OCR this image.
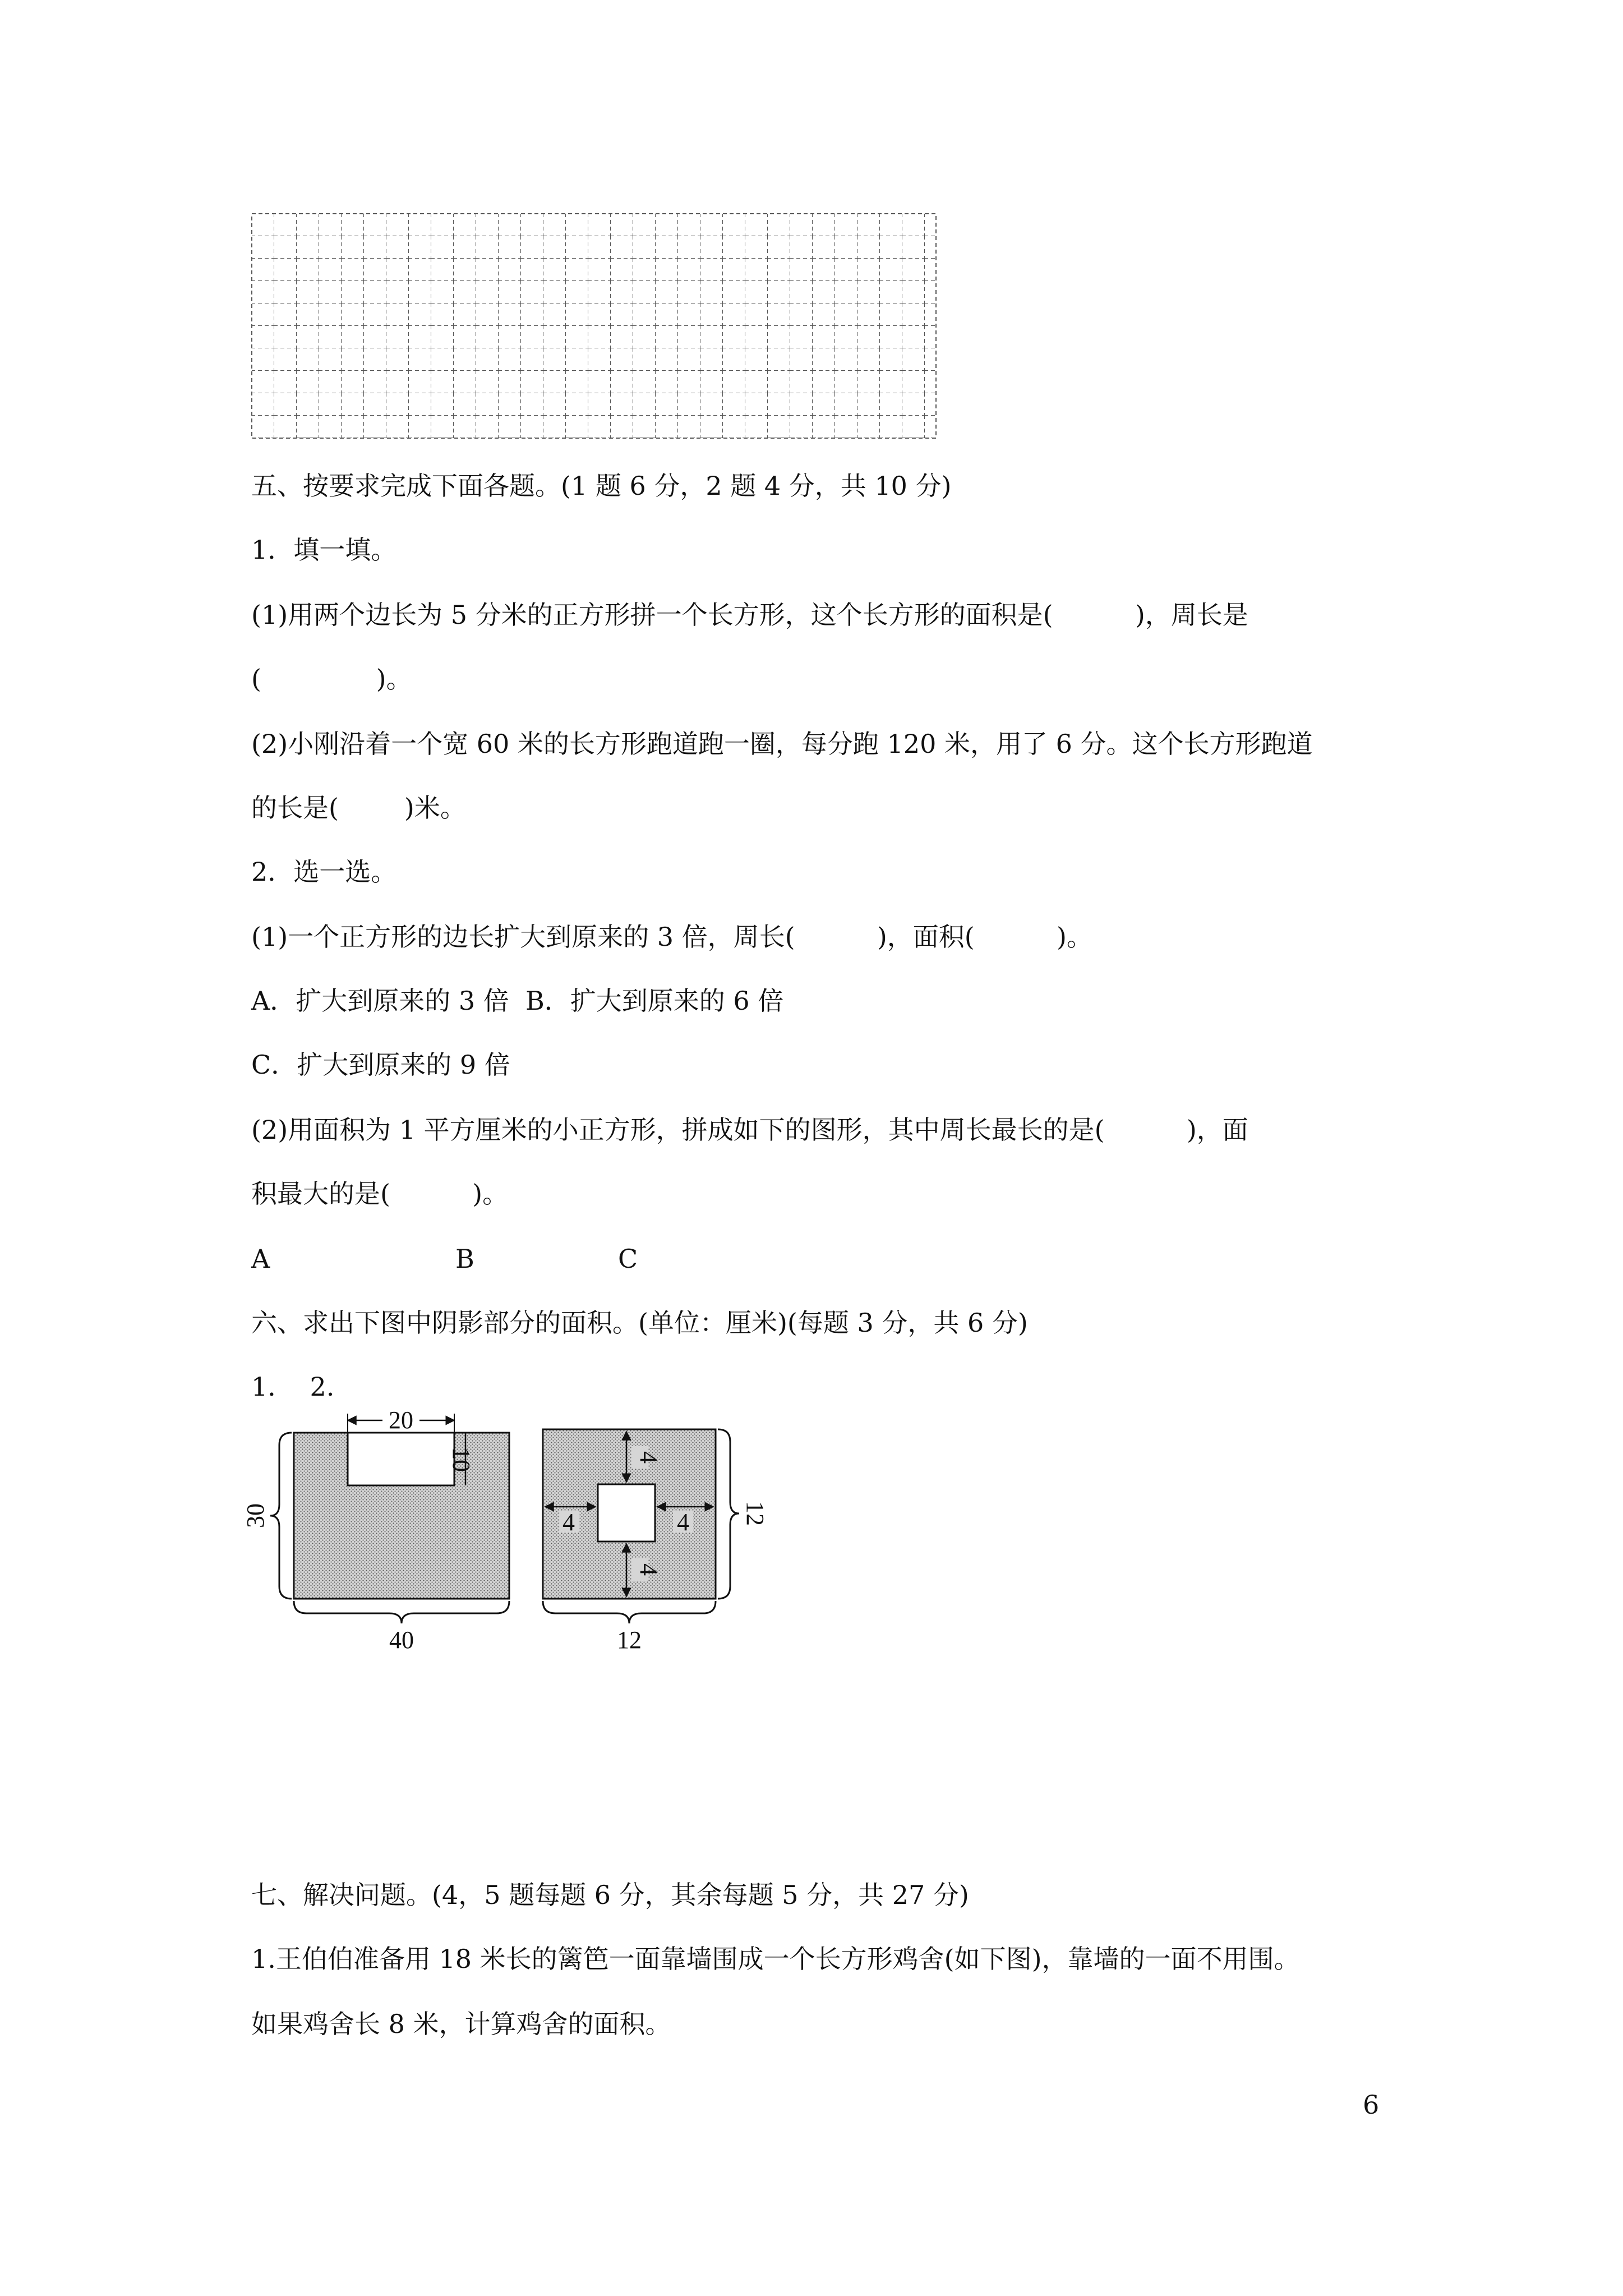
五、按要求完成下面各题。(1 题 6 分，2 题 4 分，共 10 分)

1．填一填。

(1)用两个边长为 5 分米的正方形拼一个长方形，这个长方形的面积是(          )，周长是

(              )。

(2)小刚沿着一个宽 60 米的长方形跑道跑一圈，每分跑 120 米，用了 6 分。这个长方形跑道

的长是(        )米。

2．选一选。

(1)一个正方形的边长扩大到原来的 3 倍，周长(          )，面积(          )。

A．扩大到原来的 3 倍  B．扩大到原来的 6 倍

C．扩大到原来的 9 倍

(2)用面积为 1 平方厘米的小正方形，拼成如下的图形，其中周长最长的是(          )，面

积最大的是(          )。

A	B	C

六、求出下图中阴影部分的面积。(单位：厘米)(每题 3 分，共 6 分)

1．  2.

20
10
30
40
4
4
4	4 12
12

七、解决问题。(4，5 题每题 6 分，其余每题 5 分，共 27 分)

1.王伯伯准备用 18 米长的篱笆一面靠墙围成一个长方形鸡舍(如下图)，靠墙的一面不用围。

如果鸡舍长 8 米，计算鸡舍的面积。

6
